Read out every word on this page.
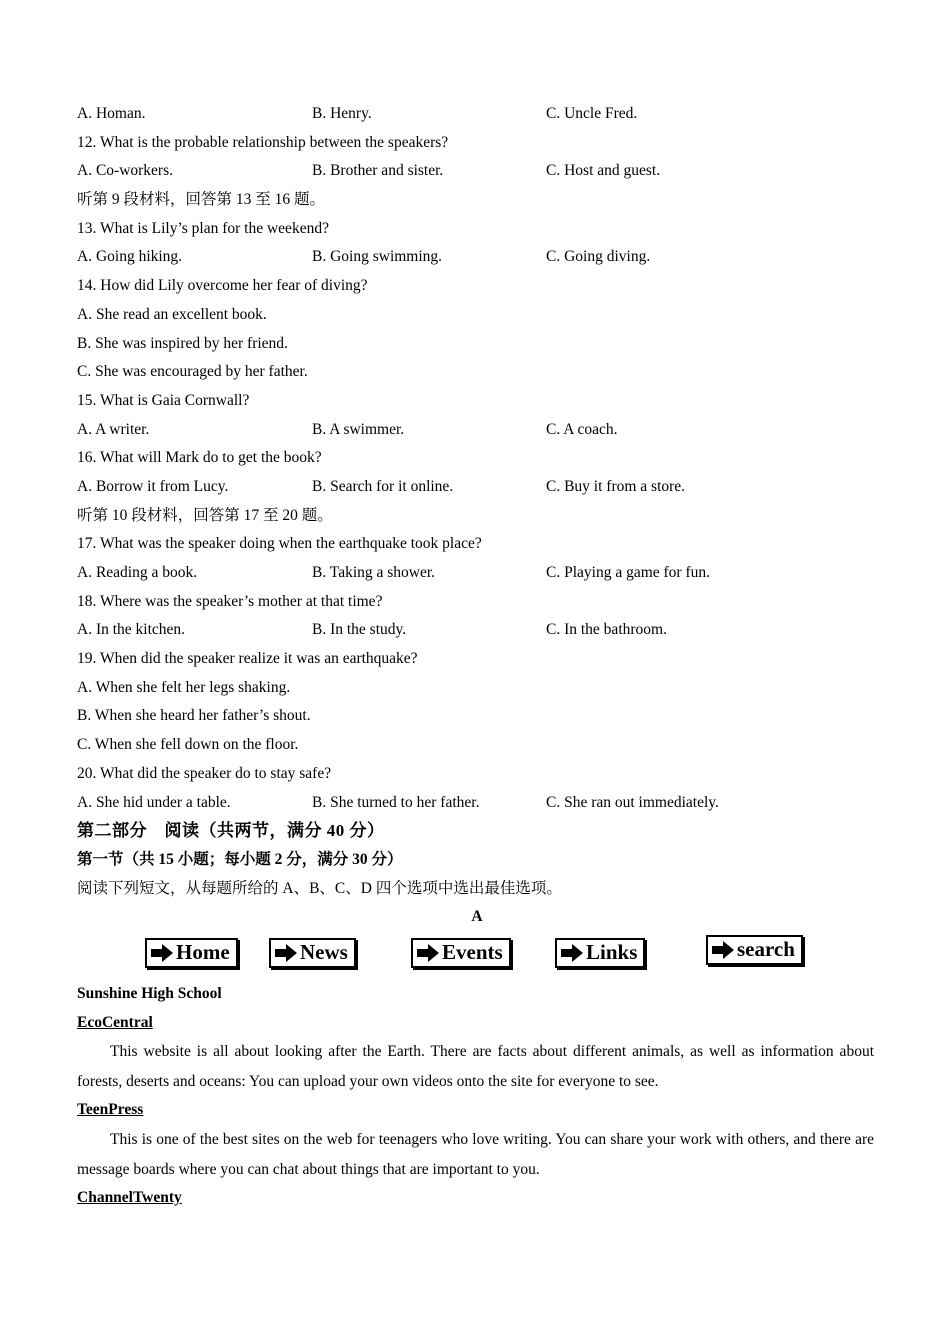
A. Homan.	B. Henry.	C. Uncle Fred.
12. What is the probable relationship between the speakers?
A. Co-workers.	B. Brother and sister.	C. Host and guest.
听第 9 段材料，回答第 13 至 16 题。
13. What is Lily’s plan for the weekend?
A. Going hiking.	B. Going swimming.	C. Going diving.
14. How did Lily overcome her fear of diving?
A. She read an excellent book.
B. She was inspired by her friend.
C. She was encouraged by her father.
15. What is Gaia Cornwall?
A. A writer.	B. A swimmer.	C. A coach.
16. What will Mark do to get the book?
A. Borrow it from Lucy.	B. Search for it online.	C. Buy it from a store.
听第 10 段材料，回答第 17 至 20 题。
17. What was the speaker doing when the earthquake took place?
A. Reading a book.	B. Taking a shower.	C. Playing a game for fun.
18. Where was the speaker’s mother at that time?
A. In the kitchen.	B. In the study.	C. In the bathroom.
19. When did the speaker realize it was an earthquake?
A. When she felt her legs shaking.
B. When she heard her father’s shout.
C. When she fell down on the floor.
20. What did the speaker do to stay safe?
A. She hid under a table.	B. She turned to her father.	C. She ran out immediately.
第二部分　阅读（共两节，满分 40 分）
第一节（共 15 小题；每小题 2 分，满分 30 分）
阅读下列短文，从每题所给的 A、B、C、D 四个选项中选出最佳选项。
A
Home	News	Events	Links	search
Sunshine High School
EcoCentral
This website is all about looking after the Earth. There are facts about different animals, as well as information about forests, deserts and oceans: You can upload your own videos onto the site for everyone to see.
TeenPress
This is one of the best sites on the web for teenagers who love writing. You can share your work with others, and there are message boards where you can chat about things that are important to you.
ChannelTwenty
